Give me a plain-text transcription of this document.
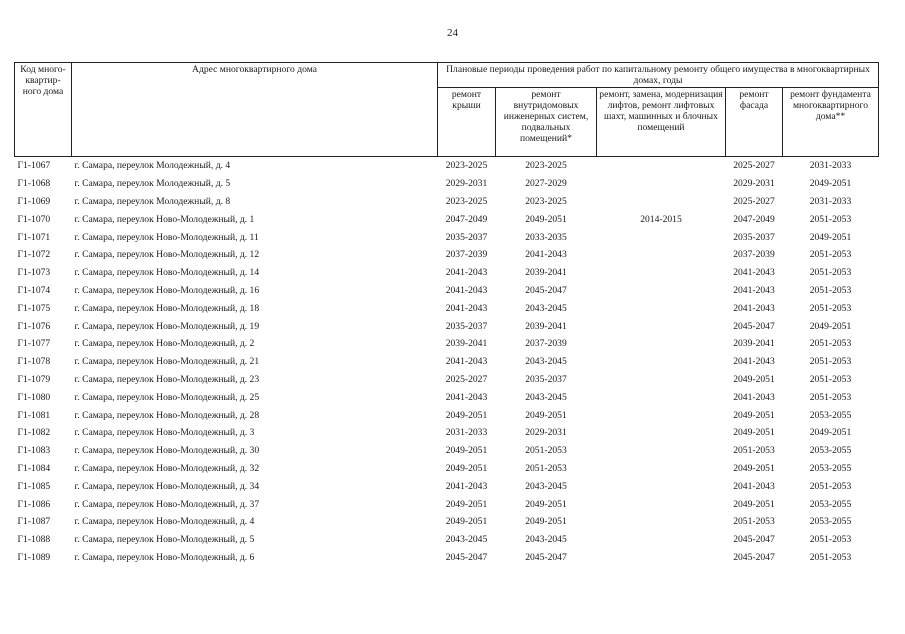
24
Код много-квартир-ного дома	Адрес многоквартирного дома	Плановые периоды проведения работ по капитальному ремонту общего имущества в многоквартирных домах, годы				
		ремонт крыши	ремонт внутридомовых инженерных систем, подвальных помещений*	ремонт, замена, модернизация лифтов, ремонт лифтовых шахт, машинных и блочных помещений	ремонт фасада	ремонт фундамента многоквартирного дома**
Г1-1067	г. Самара, переулок Молодежный, д. 4	2023-2025	2023-2025		2025-2027	2031-2033
Г1-1068	г. Самара, переулок Молодежный, д. 5	2029-2031	2027-2029		2029-2031	2049-2051
Г1-1069	г. Самара, переулок Молодежный, д. 8	2023-2025	2023-2025		2025-2027	2031-2033
Г1-1070	г. Самара, переулок Ново-Молодежный, д. 1	2047-2049	2049-2051	2014-2015	2047-2049	2051-2053
Г1-1071	г. Самара, переулок Ново-Молодежный, д. 11	2035-2037	2033-2035		2035-2037	2049-2051
Г1-1072	г. Самара, переулок Ново-Молодежный, д. 12	2037-2039	2041-2043		2037-2039	2051-2053
Г1-1073	г. Самара, переулок Ново-Молодежный, д. 14	2041-2043	2039-2041		2041-2043	2051-2053
Г1-1074	г. Самара, переулок Ново-Молодежный, д. 16	2041-2043	2045-2047		2041-2043	2051-2053
Г1-1075	г. Самара, переулок Ново-Молодежный, д. 18	2041-2043	2043-2045		2041-2043	2051-2053
Г1-1076	г. Самара, переулок Ново-Молодежный, д. 19	2035-2037	2039-2041		2045-2047	2049-2051
Г1-1077	г. Самара, переулок Ново-Молодежный, д. 2	2039-2041	2037-2039		2039-2041	2051-2053
Г1-1078	г. Самара, переулок Ново-Молодежный, д. 21	2041-2043	2043-2045		2041-2043	2051-2053
Г1-1079	г. Самара, переулок Ново-Молодежный, д. 23	2025-2027	2035-2037		2049-2051	2051-2053
Г1-1080	г. Самара, переулок Ново-Молодежный, д. 25	2041-2043	2043-2045		2041-2043	2051-2053
Г1-1081	г. Самара, переулок Ново-Молодежный, д. 28	2049-2051	2049-2051		2049-2051	2053-2055
Г1-1082	г. Самара, переулок Ново-Молодежный, д. 3	2031-2033	2029-2031		2049-2051	2049-2051
Г1-1083	г. Самара, переулок Ново-Молодежный, д. 30	2049-2051	2051-2053		2051-2053	2053-2055
Г1-1084	г. Самара, переулок Ново-Молодежный, д. 32	2049-2051	2051-2053		2049-2051	2053-2055
Г1-1085	г. Самара, переулок Ново-Молодежный, д. 34	2041-2043	2043-2045		2041-2043	2051-2053
Г1-1086	г. Самара, переулок Ново-Молодежный, д. 37	2049-2051	2049-2051		2049-2051	2053-2055
Г1-1087	г. Самара, переулок Ново-Молодежный, д. 4	2049-2051	2049-2051		2051-2053	2053-2055
Г1-1088	г. Самара, переулок Ново-Молодежный, д. 5	2043-2045	2043-2045		2045-2047	2051-2053
Г1-1089	г. Самара, переулок Ново-Молодежный, д. 6	2045-2047	2045-2047		2045-2047	2051-2053
